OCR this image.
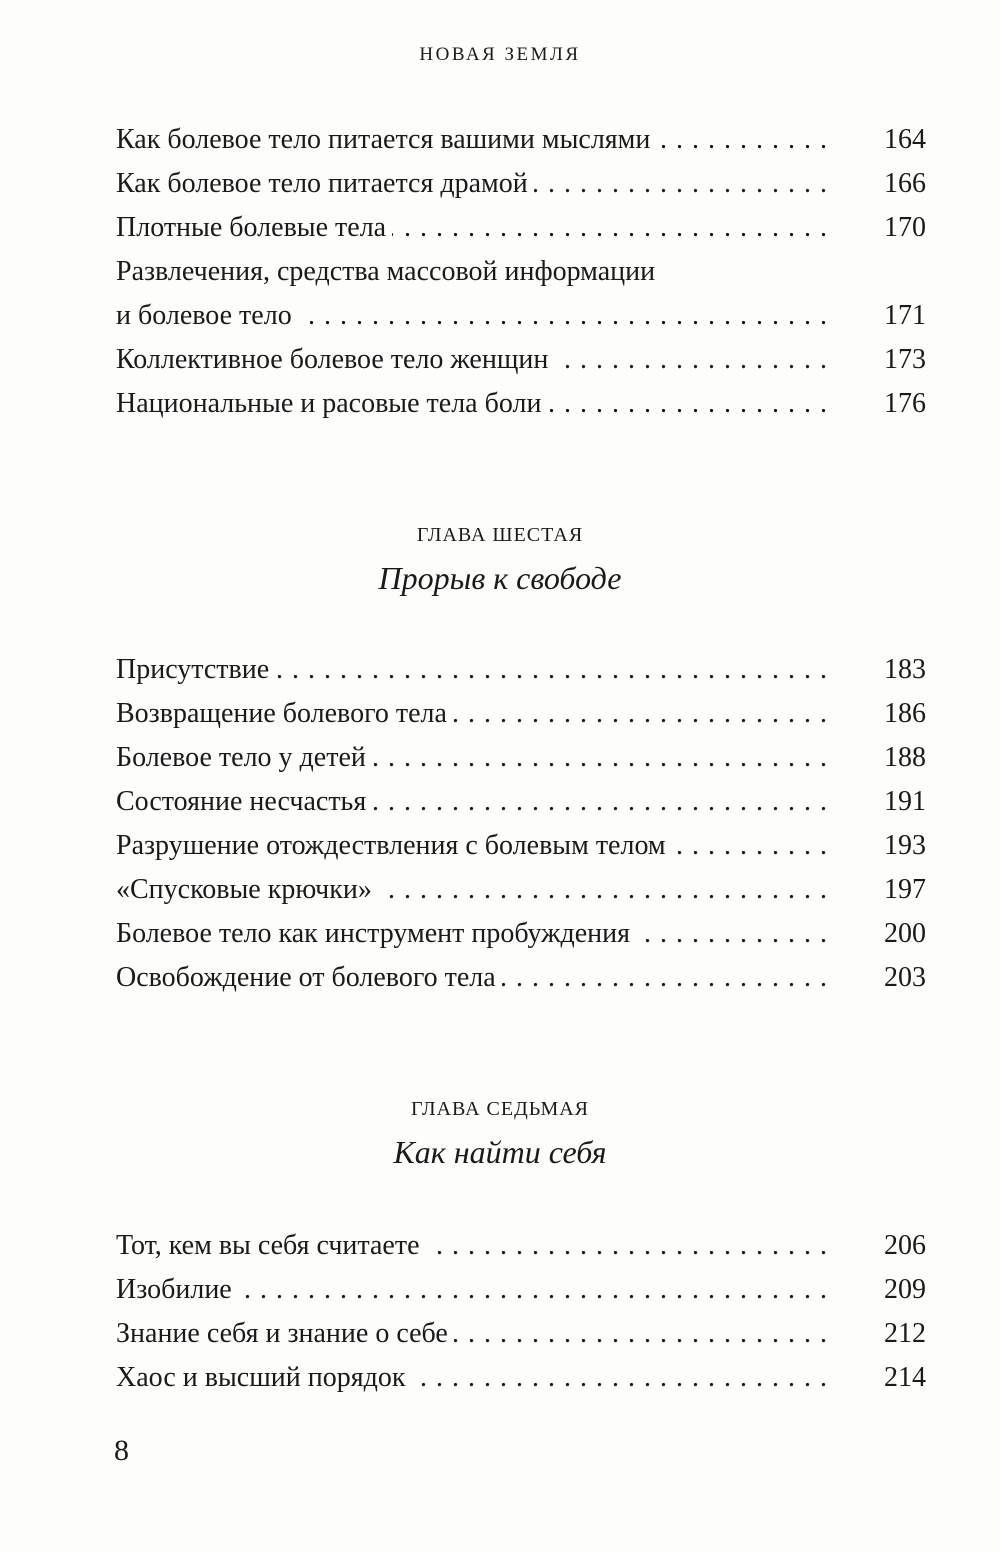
НОВАЯ ЗЕМЛЯ
Как болевое тело питается вашими мыслями . . .	164
Как болевое тело питается драмой . . .	166
Плотные болевые тела . . .	170
Развлечения, средства массовой информации
и болевое тело . . .	171
Коллективное болевое тело женщин . . .	173
Национальные и расовые тела боли . . .	176
ГЛАВА ШЕСТАЯ
Прорыв к свободе
Присутствие . . .	183
Возвращение болевого тела . . .	186
Болевое тело у детей . . .	188
Состояние несчастья . . .	191
Разрушение отождествления с болевым телом . . .	193
«Спусковые крючки» . . .	197
Болевое тело как инструмент пробуждения . . .	200
Освобождение от болевого тела . . .	203
ГЛАВА СЕДЬМАЯ
Как найти себя
Тот, кем вы себя считаете . . .	206
Изобилие . . .	209
Знание себя и знание о себе . . .	212
Хаос и высший порядок . . .	214
8
